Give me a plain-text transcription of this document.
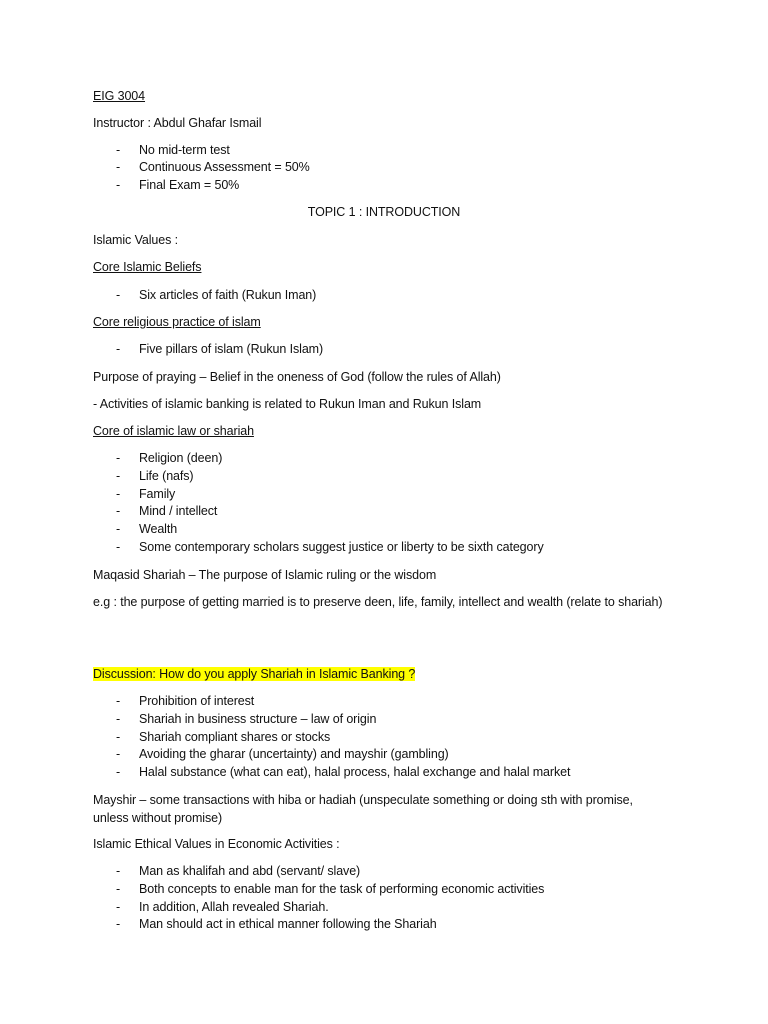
EIG 3004
Instructor : Abdul Ghafar Ismail
- No mid-term test
- Continuous Assessment = 50%
- Final Exam = 50%
TOPIC 1 : INTRODUCTION
Islamic Values :
Core Islamic Beliefs
- Six articles of faith (Rukun Iman)
Core religious practice of islam
- Five pillars of islam (Rukun Islam)
Purpose of praying – Belief in the oneness of God (follow the rules of Allah)
- Activities of islamic banking is related to Rukun Iman and Rukun Islam
Core of islamic law or shariah
- Religion (deen)
- Life (nafs)
- Family
- Mind / intellect
- Wealth
- Some contemporary scholars suggest justice or liberty to be sixth category
Maqasid Shariah – The purpose of Islamic ruling or the wisdom
e.g : the purpose of getting married is to preserve deen, life, family, intellect and wealth (relate to shariah)
Discussion: How do you apply Shariah in Islamic Banking ?
- Prohibition of interest
- Shariah in business structure – law of origin
- Shariah compliant shares or stocks
- Avoiding the gharar (uncertainty) and mayshir (gambling)
- Halal substance (what can eat), halal process, halal exchange and halal market
Mayshir – some transactions with hiba or hadiah (unspeculate something or doing sth with promise, unless without promise)
Islamic Ethical Values in Economic Activities :
- Man as khalifah and abd (servant/ slave)
- Both concepts to enable man for the task of performing economic activities
- In addition, Allah revealed Shariah.
- Man should act in ethical manner following the Shariah
